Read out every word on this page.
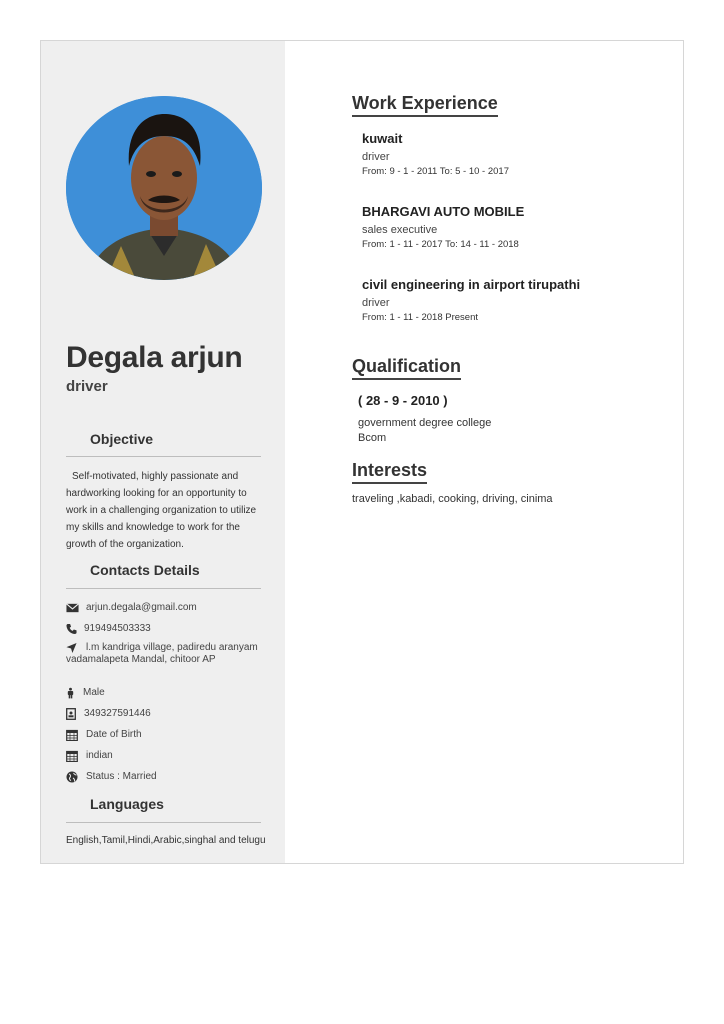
Degala arjun
driver
Objective
Self-motivated, highly passionate and hardworking looking for an opportunity to work in a challenging organization to utilize my skills and knowledge to work for the growth of the organization.
Contacts Details
arjun.degala@gmail.com
919494503333
l.m kandriga village, padiredu aranyam vadamalapeta Mandal, chitoor AP
Male
349327591446
Date of Birth
indian
Status : Married
Languages
English,Tamil,Hindi,Arabic,singhal and telugu
Work Experience
kuwait
driver
From: 9 - 1 - 2011 To: 5 - 10 - 2017
BHARGAVI AUTO MOBILE
sales executive
From: 1 - 11 - 2017 To: 14 - 11 - 2018
civil engineering in airport tirupathi
driver
From: 1 - 11 - 2018 Present
Qualification
( 28 - 9 - 2010 )
government degree college
Bcom
Interests
traveling ,kabadi, cooking, driving, cinima
